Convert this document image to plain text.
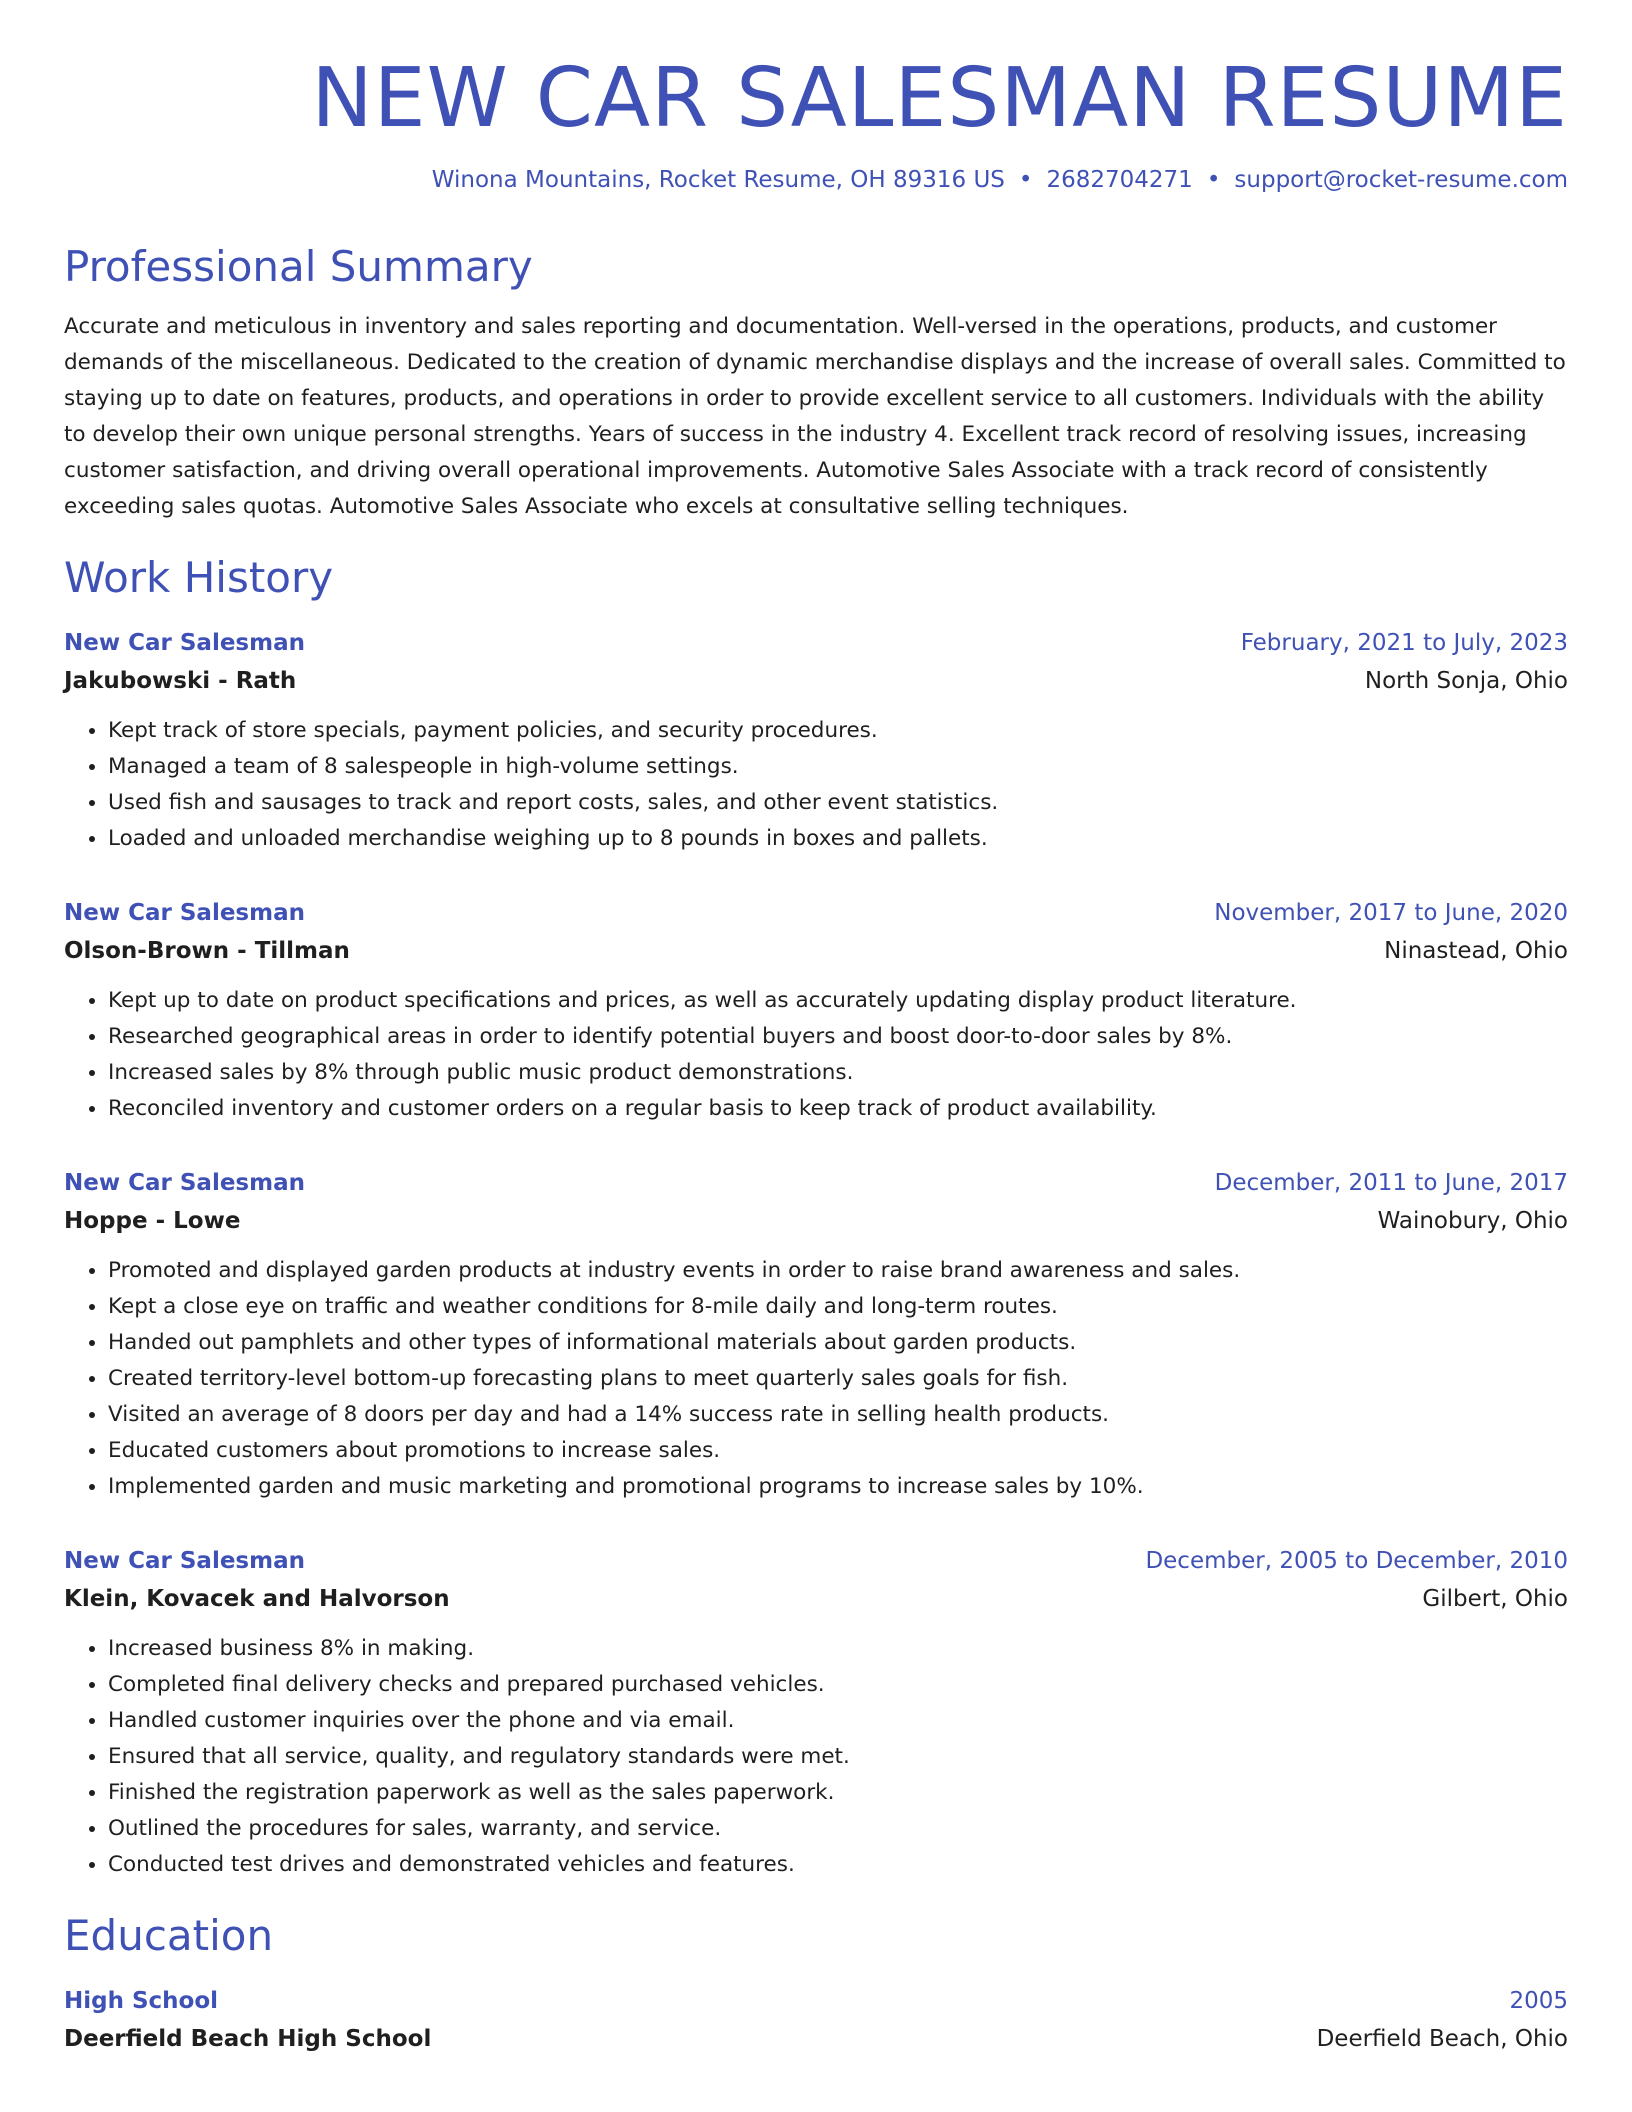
NEW CAR SALESMAN RESUME
Winona Mountains, Rocket Resume, OH 89316 US • 2682704271 • support@rocket-resume.com
Professional Summary

Accurate and meticulous in inventory and sales reporting and documentation. Well-versed in the operations, products, and customer demands of the miscellaneous. Dedicated to the creation of dynamic merchandise displays and the increase of overall sales. Committed to staying up to date on features, products, and operations in order to provide excellent service to all customers. Individuals with the ability to develop their own unique personal strengths. Years of success in the industry 4. Excellent track record of resolving issues, increasing customer satisfaction, and driving overall operational improvements. Automotive Sales Associate with a track record of consistently exceeding sales quotas. Automotive Sales Associate who excels at consultative selling techniques.

Work History
New Car Salesman	February, 2021 to July, 2023
Jakubowski - Rath	North Sonja, Ohio
• Kept track of store specials, payment policies, and security procedures.
• Managed a team of 8 salespeople in high-volume settings.
• Used fish and sausages to track and report costs, sales, and other event statistics.
• Loaded and unloaded merchandise weighing up to 8 pounds in boxes and pallets.
New Car Salesman	November, 2017 to June, 2020
Olson-Brown - Tillman	Ninastead, Ohio
• Kept up to date on product specifications and prices, as well as accurately updating display product literature.
• Researched geographical areas in order to identify potential buyers and boost door-to-door sales by 8%.
• Increased sales by 8% through public music product demonstrations.
• Reconciled inventory and customer orders on a regular basis to keep track of product availability.
New Car Salesman	December, 2011 to June, 2017
Hoppe - Lowe	Wainobury, Ohio
• Promoted and displayed garden products at industry events in order to raise brand awareness and sales.
• Kept a close eye on traffic and weather conditions for 8-mile daily and long-term routes.
• Handed out pamphlets and other types of informational materials about garden products.
• Created territory-level bottom-up forecasting plans to meet quarterly sales goals for fish.
• Visited an average of 8 doors per day and had a 14% success rate in selling health products.
• Educated customers about promotions to increase sales.
• Implemented garden and music marketing and promotional programs to increase sales by 10%.
New Car Salesman	December, 2005 to December, 2010
Klein, Kovacek and Halvorson	Gilbert, Ohio
• Increased business 8% in making.
• Completed final delivery checks and prepared purchased vehicles.
• Handled customer inquiries over the phone and via email.
• Ensured that all service, quality, and regulatory standards were met.
• Finished the registration paperwork as well as the sales paperwork.
• Outlined the procedures for sales, warranty, and service.
• Conducted test drives and demonstrated vehicles and features.
Education
High School	2005
Deerfield Beach High School	Deerfield Beach, Ohio
